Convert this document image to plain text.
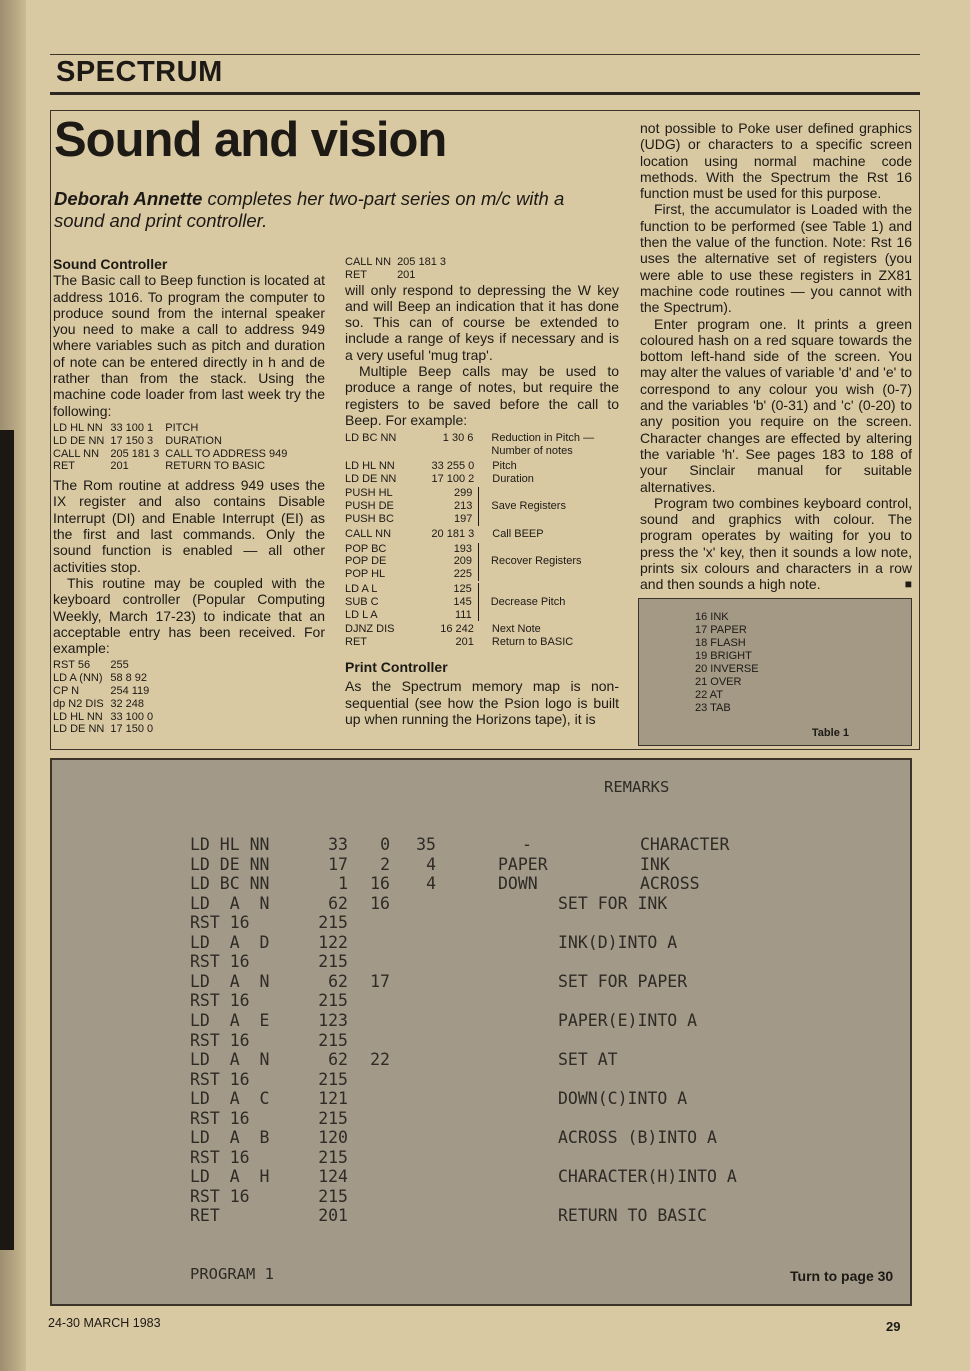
SPECTRUM
Sound and vision
Deborah Annette completes her two-part series on m/c with a sound and print controller.
Sound Controller

The Basic call to Beep function is located at address 1016. To program the computer to produce sound from the internal speaker you need to make a call to address 949 where variables such as pitch and duration of note can be entered directly in h and de rather than from the stack. Using the machine code loader from last week try the following:

LD HL NN	33 100 1	PITCH
LD DE NN	17 150 3	DURATION
CALL NN	205 181 3	CALL TO ADDRESS 949
RET	201	RETURN TO BASIC

The Rom routine at address 949 uses the IX register and also contains Disable Interrupt (DI) and Enable Interrupt (EI) as the first and last commands. Only the sound function is enabled — all other activities stop.

This routine may be coupled with the keyboard controller (Popular Computing Weekly, March 17-23) to indicate that an acceptable entry has been received. For example:

RST 56	255
LD A (NN)	58 8 92
CP N	254 119
dp N2 DIS	32 248
LD HL NN	33 100 0
LD DE NN	17 150 0
CALL NN	205 181 3
RET	201

will only respond to depressing the W key and will Beep an indication that it has done so. This can of course be extended to include a range of keys if necessary and is a very useful 'mug trap'.

Multiple Beep calls may be used to produce a range of notes, but require the registers to be saved before the call to Beep. For example:

LD BC NN	1 30 6	Reduction in Pitch — Number of notes
LD HL NN	33 255 0	Pitch
LD DE NN	17 100 2	Duration
PUSH HL	299	Save Registers
PUSH DE	213	
PUSH BC	197	
CALL NN	20 181 3	Call BEEP
POP BC	193	Recover Registers
POP DE	209	
POP HL	225	
LD A L	125	Decrease Pitch
SUB C	145	
LD L A	111	
DJNZ DIS	16 242	Next Note
RET	201	Return to BASIC
Print Controller

As the Spectrum memory map is non-sequential (see how the Psion logo is built up when running the Horizons tape), it is

not possible to Poke user defined graphics (UDG) or characters to a specific screen location using normal machine code methods. With the Spectrum the Rst 16 function must be used for this purpose.

First, the accumulator is Loaded with the function to be performed (see Table 1) and then the value of the function. Note: Rst 16 uses the alternative set of registers (you were able to use these registers in ZX81 machine code routines — you cannot with the Spectrum).

Enter program one. It prints a green coloured hash on a red square towards the bottom left-hand side of the screen. You may alter the values of variable 'd' and 'e' to correspond to any colour you wish (0-7) and the variables 'b' (0-31) and 'c' (0-20) to any position you require on the screen. Character changes are effected by altering the variable 'h'. See pages 183 to 188 of your Sinclair manual for suitable alternatives.

Program two combines keyboard control, sound and graphics with colour. The program operates by waiting for you to press the 'x' key, then it sounds a low note, prints six colours and characters in a row and then sounds a high note.	■

16 INK
17 PAPER
18 FLASH
19 BRIGHT
20 INVERSE
21 OVER
22 AT
23 TAB
Table 1
REMARKS
LD HL NN	33 0 35	-	CHARACTER
LD DE NN	17 2 4	PAPER	INK
LD BC NN	1 16 4	DOWN	ACROSS
LD  A  N	62 16	SET FOR INK
RST 16	215
LD  A  D	122	INK(D)INTO A
RST 16	215
LD  A  N	62 17	SET FOR PAPER
RST 16	215
LD  A  E	123	PAPER(E)INTO A
RST 16	215
LD  A  N	62 22	SET AT
RST 16	215
LD  A  C	121	DOWN(C)INTO A
RST 16	215
LD  A  B	120	ACROSS (B)INTO A
RST 16	215
LD  A  H	124	CHARACTER(H)INTO A
RST 16	215
RET	201	RETURN TO BASIC
PROGRAM 1	Turn to page 30
24-30 MARCH 1983	29
